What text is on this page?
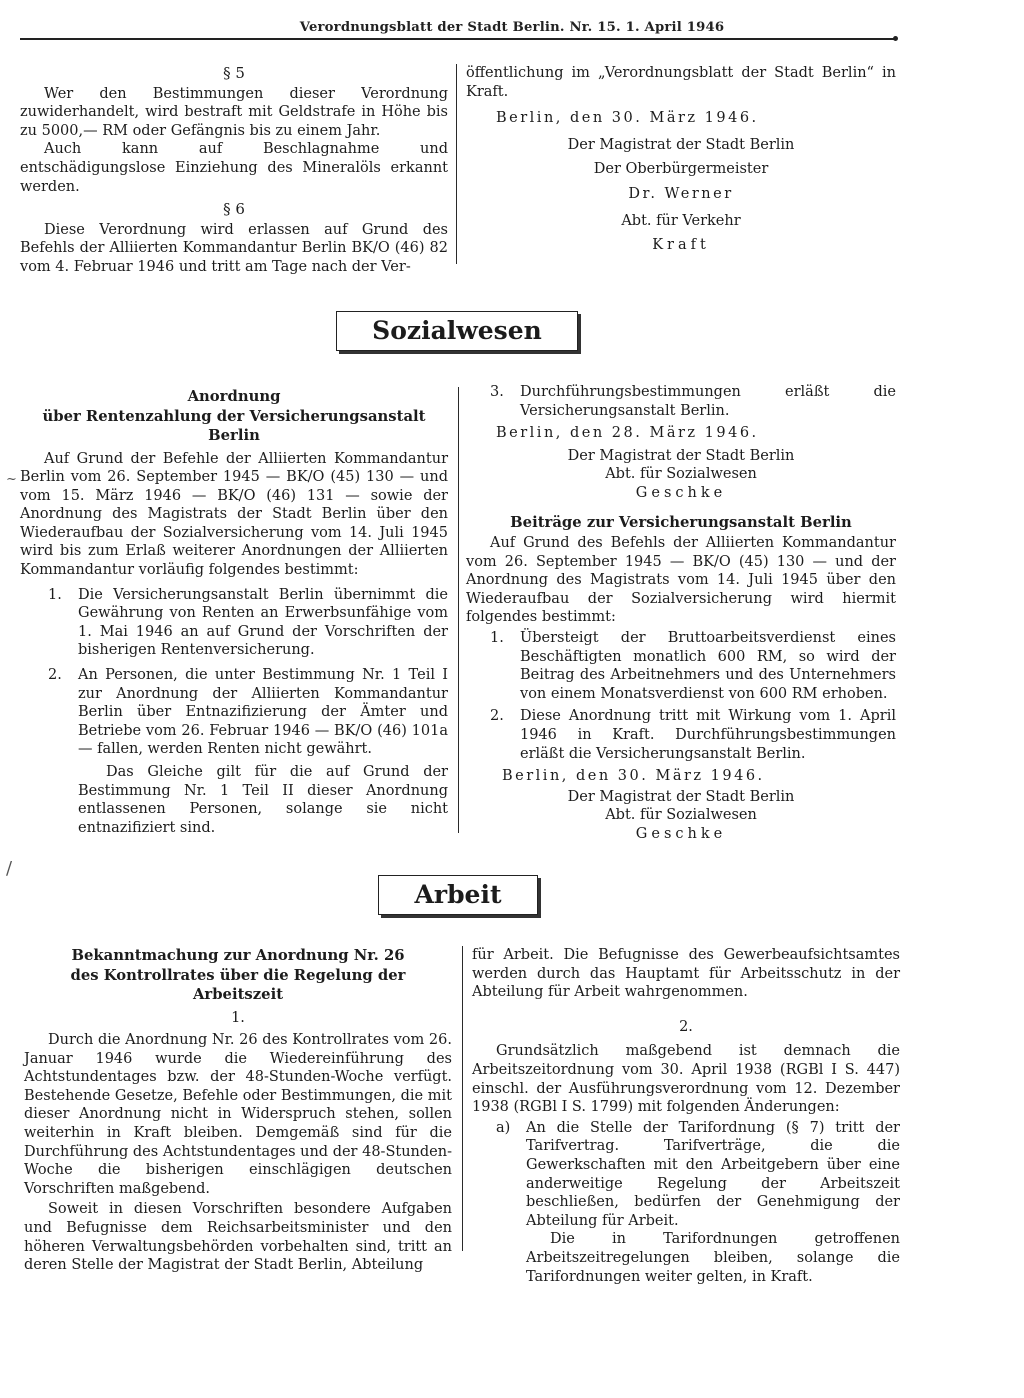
Verordnungsblatt der Stadt Berlin. Nr. 15. 1. April 1946

§ 5

Wer den Bestimmungen dieser Verordnung zuwiderhandelt, wird bestraft mit Geldstrafe in Höhe bis zu 5000,— RM oder Gefängnis bis zu einem Jahr.

Auch kann auf Beschlagnahme und entschädigungslose Einziehung des Mineralöls erkannt werden.

§ 6

Diese Verordnung wird erlassen auf Grund des Befehls der Alliierten Kommandantur Berlin BK/O (46) 82 vom 4. Februar 1946 und tritt am Tage nach der Ver-

öffentlichung im „Verordnungsblatt der Stadt Berlin“ in Kraft.

Berlin, den 30. März 1946.

Der Magistrat der Stadt Berlin

Der Oberbürgermeister

Dr. Werner

Abt. für Verkehr

Kraft

Sozialwesen

Anordnung

über Rentenzahlung der Versicherungsanstalt Berlin

Auf Grund der Befehle der Alliierten Kommandantur Berlin vom 26. September 1945 — BK/O (45) 130 — und vom 15. März 1946 — BK/O (46) 131 — sowie der Anordnung des Magistrats der Stadt Berlin über den Wiederaufbau der Sozialversicherung vom 14. Juli 1945 wird bis zum Erlaß weiterer Anordnungen der Alliierten Kommandantur vorläufig folgendes bestimmt:

1. Die Versicherungsanstalt Berlin übernimmt die Gewährung von Renten an Erwerbsunfähige vom 1. Mai 1946 an auf Grund der Vorschriften der bisherigen Rentenversicherung.
2. An Personen, die unter Bestimmung Nr. 1 Teil I zur Anordnung der Alliierten Kommandantur Berlin über Entnazifizierung der Ämter und Betriebe vom 26. Februar 1946 — BK/O (46) 101a — fallen, werden Renten nicht gewährt.

Das Gleiche gilt für die auf Grund der Bestimmung Nr. 1 Teil II dieser Anordnung entlassenen Personen, solange sie nicht entnazifiziert sind.

3. Durchführungsbestimmungen erläßt die Versicherungsanstalt Berlin.

Berlin, den 28. März 1946.

Der Magistrat der Stadt Berlin

Abt. für Sozialwesen

Geschke

Beiträge zur Versicherungsanstalt Berlin

Auf Grund des Befehls der Alliierten Kommandantur vom 26. September 1945 — BK/O (45) 130 — und der Anordnung des Magistrats vom 14. Juli 1945 über den Wiederaufbau der Sozialversicherung wird hiermit folgendes bestimmt:

1. Übersteigt der Bruttoarbeitsverdienst eines Beschäftigten monatlich 600 RM, so wird der Beitrag des Arbeitnehmers und des Unternehmers von einem Monatsverdienst von 600 RM erhoben.
2. Diese Anordnung tritt mit Wirkung vom 1. April 1946 in Kraft. Durchführungsbestimmungen erläßt die Versicherungsanstalt Berlin.

Berlin, den 30. März 1946.

Der Magistrat der Stadt Berlin

Abt. für Sozialwesen

Geschke

Arbeit

Bekanntmachung zur Anordnung Nr. 26

des Kontrollrates über die Regelung der Arbeitszeit

1.

Durch die Anordnung Nr. 26 des Kontrollrates vom 26. Januar 1946 wurde die Wiedereinführung des Achtstundentages bzw. der 48-Stunden-Woche verfügt. Bestehende Gesetze, Befehle oder Bestimmungen, die mit dieser Anordnung nicht in Widerspruch stehen, sollen weiterhin in Kraft bleiben. Demgemäß sind für die Durchführung des Achtstundentages und der 48-Stunden-Woche die bisherigen einschlägigen deutschen Vorschriften maßgebend.

Soweit in diesen Vorschriften besondere Aufgaben und Befugnisse dem Reichsarbeitsminister und den höheren Verwaltungsbehörden vorbehalten sind, tritt an deren Stelle der Magistrat der Stadt Berlin, Abteilung

für Arbeit. Die Befugnisse des Gewerbeaufsichtsamtes werden durch das Hauptamt für Arbeitsschutz in der Abteilung für Arbeit wahrgenommen.

2.

Grundsätzlich maßgebend ist demnach die Arbeitszeitordnung vom 30. April 1938 (RGBl I S. 447) einschl. der Ausführungsverordnung vom 12. Dezember 1938 (RGBl I S. 1799) mit folgenden Änderungen:

a) An die Stelle der Tarifordnung (§ 7) tritt der Tarifvertrag. Tarifverträge, die die Gewerkschaften mit den Arbeitgebern über eine anderweitige Regelung der Arbeitszeit beschließen, bedürfen der Genehmigung der Abteilung für Arbeit.
Die in Tarifordnungen getroffenen Arbeitszeitregelungen bleiben, solange die Tarifordnungen weiter gelten, in Kraft.
~
/
